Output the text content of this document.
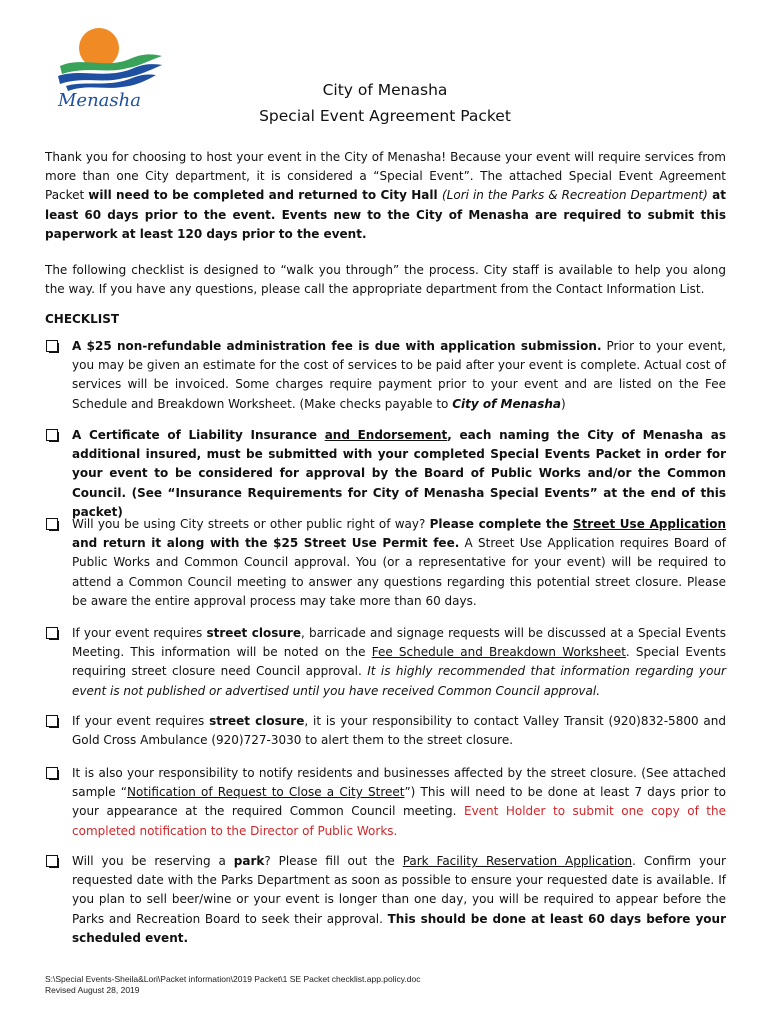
Menasha	City of Menasha
Special Event Agreement Packet

Thank you for choosing to host your event in the City of Menasha! Because your event will require services from more than one City department, it is considered a “Special Event”. The attached Special Event Agreement Packet will need to be completed and returned to City Hall (Lori in the Parks & Recreation Department) at least 60 days prior to the event. Events new to the City of Menasha are required to submit this paperwork at least 120 days prior to the event.

The following checklist is designed to “walk you through” the process. City staff is available to help you along the way. If you have any questions, please call the appropriate department from the Contact Information List.

CHECKLIST

A $25 non-refundable administration fee is due with application submission. Prior to your event, you may be given an estimate for the cost of services to be paid after your event is complete. Actual cost of services will be invoiced. Some charges require payment prior to your event and are listed on the Fee Schedule and Breakdown Worksheet. (Make checks payable to City of Menasha)

A Certificate of Liability Insurance and Endorsement, each naming the City of Menasha as additional insured, must be submitted with your completed Special Events Packet in order for your event to be considered for approval by the Board of Public Works and/or the Common Council. (See “Insurance Requirements for City of Menasha Special Events” at the end of this packet)

Will you be using City streets or other public right of way? Please complete the Street Use Application and return it along with the $25 Street Use Permit fee. A Street Use Application requires Board of Public Works and Common Council approval. You (or a representative for your event) will be required to attend a Common Council meeting to answer any questions regarding this potential street closure. Please be aware the entire approval process may take more than 60 days.

If your event requires street closure, barricade and signage requests will be discussed at a Special Events Meeting. This information will be noted on the Fee Schedule and Breakdown Worksheet. Special Events requiring street closure need Council approval. It is highly recommended that information regarding your event is not published or advertised until you have received Common Council approval.

If your event requires street closure, it is your responsibility to contact Valley Transit (920)832-5800 and Gold Cross Ambulance (920)727-3030 to alert them to the street closure.

It is also your responsibility to notify residents and businesses affected by the street closure. (See attached sample “Notification of Request to Close a City Street”) This will need to be done at least 7 days prior to your appearance at the required Common Council meeting. Event Holder to submit one copy of the completed notification to the Director of Public Works.

Will you be reserving a park? Please fill out the Park Facility Reservation Application. Confirm your requested date with the Parks Department as soon as possible to ensure your requested date is available. If you plan to sell beer/wine or your event is longer than one day, you will be required to appear before the Parks and Recreation Board to seek their approval. This should be done at least 60 days before your scheduled event.

S:\Special Events-Sheila&Lori\Packet information\2019 Packet\1 SE Packet checklist.app.policy.doc
Revised August 28, 2019
